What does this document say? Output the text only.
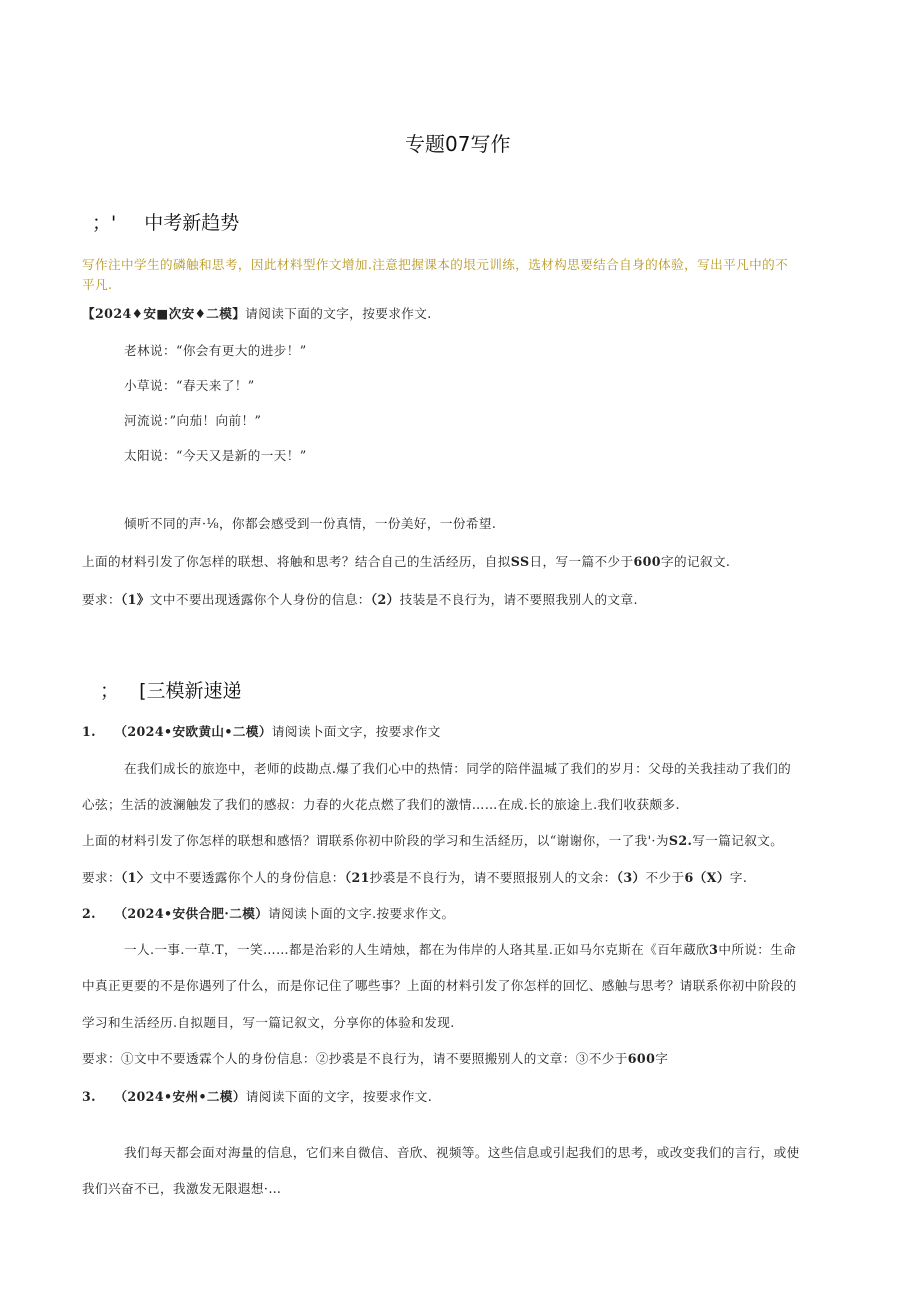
专题07写作
；' 中考新趋势
写作注中学生的磷触和思考，因此材料型作文增加.注意把握课本的垠元训练，选材构思要结合自身的体验，写出平凡中的不
平凡.
【2024♦安■次安♦二模】请阅读下面的文字，按要求作文.
老林说：“你会有更大的进步！”
小草说：“春天来了！”
河流说：”向茄！向前！”
太阳说：“今天又是新的一天！”
倾听不同的声·⅛，你都会感受到一份真情，一份美好，一份希望.
上面的材料引发了你怎样的联想、将触和思考？结合自己的生活经历，自拟SS日，写一篇不少于600字的记叙文.
要求：（1》文中不要出现透露你个人身份的信息：（2）技装是不良行为，请不要照我别人的文章.
； [三模新速递
1. （2024•安欧黄山•二模）请阅读卜面文字，按要求作文
在我们成长的旅迩中，老师的歧勘点.爆了我们心中的热情：同学的陪伴温堿了我们的岁月：父母的关我挂动了我们的
心弦；生活的波澜触发了我们的感叔：力春的火花点燃了我们的激情……在成.长的旅途上.我们收获颇多.
上面的材料引发了你怎样的联想和感悟？谓联系你初中阶段的学习和生活経历，以“谢谢你，一了我'·为S2.写一篇记叙文。
要求：（1〉文中不要透露你个人的身份信息：（21抄裘是不良行为，请不要照报别人的文余：（3）不少于6（X）字.
2. （2024•安供合肥·二模）请阅读卜面的文字.按要求作文。
一人.一事.一草.T，一笑……都是治彩的人生靖烛，都在为伟岸的人珞其星.正如马尔克斯在《百年蔵欣3中所说：生命
中真正更要的不是你遇列了什么，而是你记住了哪些事？上面的材料引发了你怎样的回忆、感触与思考？请联系你初中阶段的
学习和生活经历.自拟题目，写一篇记叙文，分享你的体验和发现.
要求：①文中不要透霖个人的身份信息：②抄裘是不良行为，请不要照搬别人的文章：③不少于600字
3. （2024•安州•二模）请阅读下面的文字，按要求作文.
我们每天都会面对海量的信息，它们来自微信、音欣、视频等。这些信息或引起我们的思考，或改变我们的言行，或使
我们兴奋不已，我激发无限遐想·…
